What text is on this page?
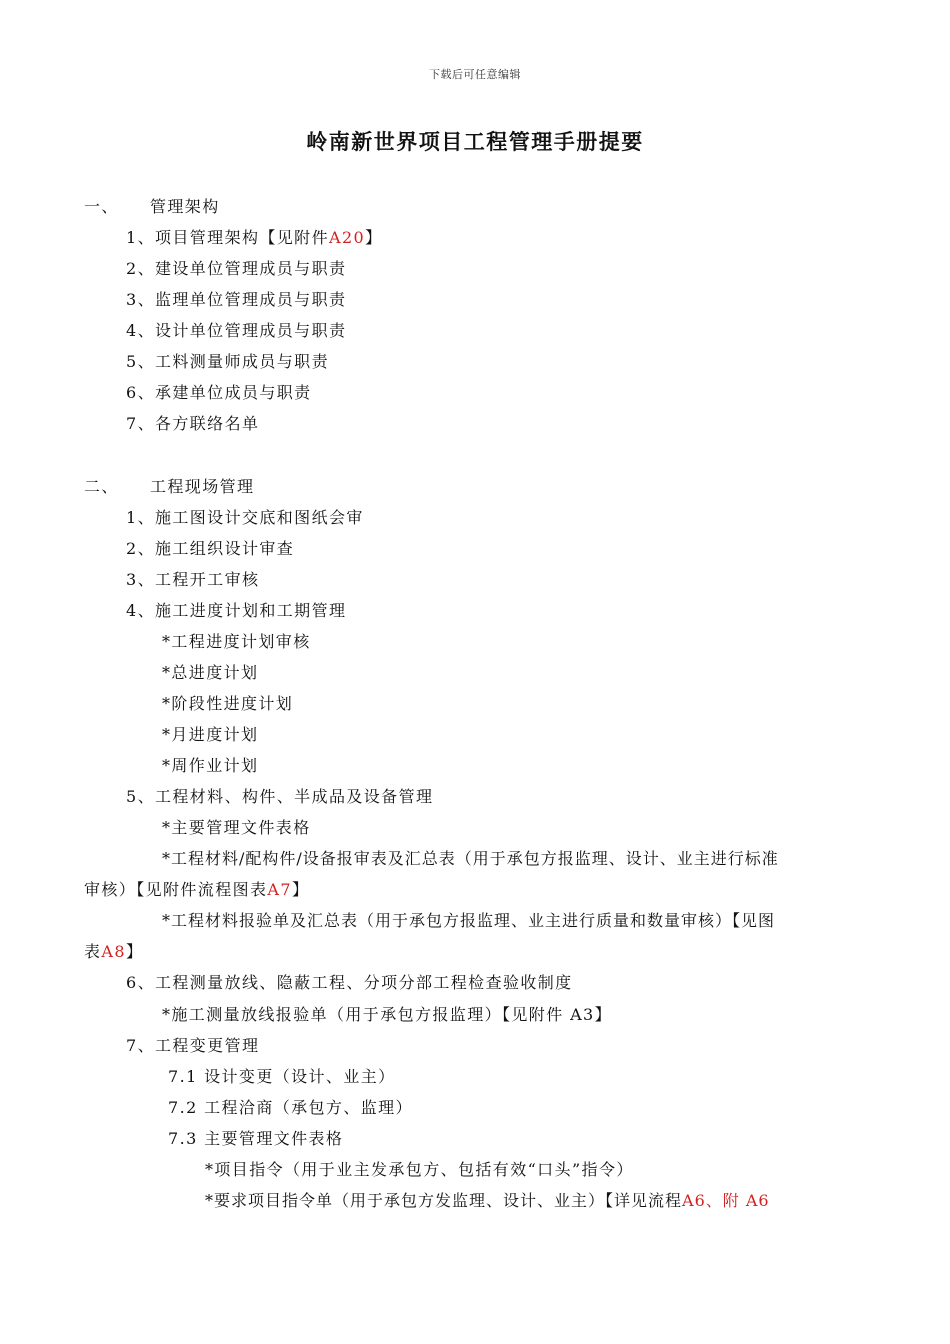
下载后可任意编辑
岭南新世界项目工程管理手册提要
一、 管理架构
1、项目管理架构【见附件A20】
2、建设单位管理成员与职责
3、监理单位管理成员与职责
4、设计单位管理成员与职责
5、工料测量师成员与职责
6、承建单位成员与职责
7、各方联络名单
二、 工程现场管理
1、施工图设计交底和图纸会审
2、施工组织设计审查
3、工程开工审核
4、施工进度计划和工期管理
*工程进度计划审核
*总进度计划
*阶段性进度计划
*月进度计划
*周作业计划
5、工程材料、构件、半成品及设备管理
*主要管理文件表格
*工程材料/配构件/设备报审表及汇总表（用于承包方报监理、设计、业主进行标准
审核）【见附件流程图表A7】
*工程材料报验单及汇总表（用于承包方报监理、业主进行质量和数量审核）【见图
表A8】
6、工程测量放线、隐蔽工程、分项分部工程检查验收制度
*施工测量放线报验单（用于承包方报监理）【见附件 A3】
7、工程变更管理
7.1 设计变更（设计、业主）
7.2 工程洽商（承包方、监理）
7.3 主要管理文件表格
*项目指令（用于业主发承包方、包括有效“口头”指令）
*要求项目指令单（用于承包方发监理、设计、业主）【详见流程A6、附 A6
